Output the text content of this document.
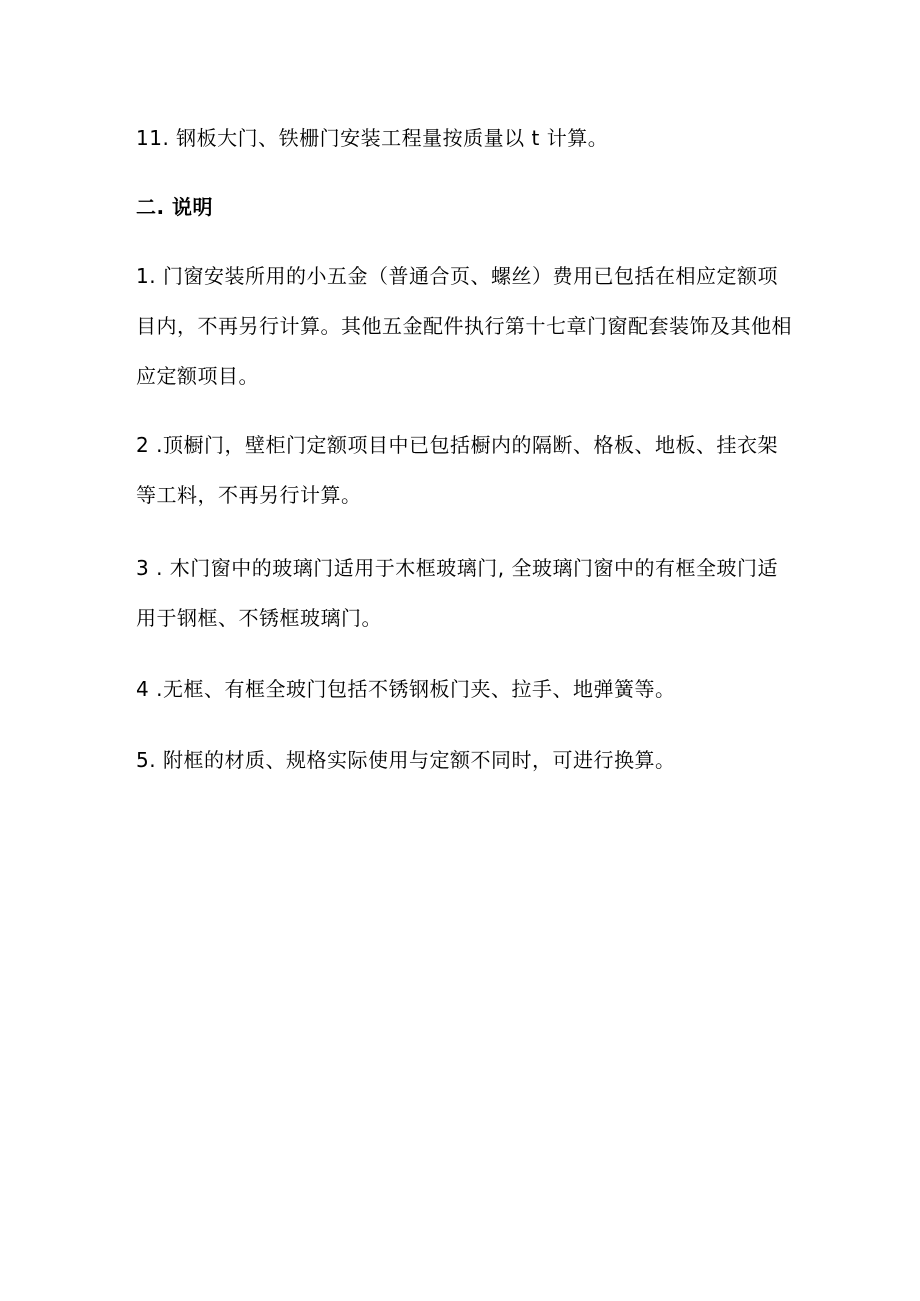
11. 钢板大门、铁栅门安装工程量按质量以 t 计算。

二. 说明

1. 门窗安装所用的小五金（普通合页、螺丝）费用已包括在相应定额项目内，不再另行计算。其他五金配件执行第十七章门窗配套装饰及其他相应定额项目。

2 .顶橱门，壁柜门定额项目中已包括橱内的隔断、格板、地板、挂衣架等工料，不再另行计算。

3 . 木门窗中的玻璃门适用于木框玻璃门, 全玻璃门窗中的有框全玻门适用于钢框、不锈框玻璃门。

4 .无框、有框全玻门包括不锈钢板门夹、拉手、地弹簧等。

5. 附框的材质、规格实际使用与定额不同时，可进行换算。
